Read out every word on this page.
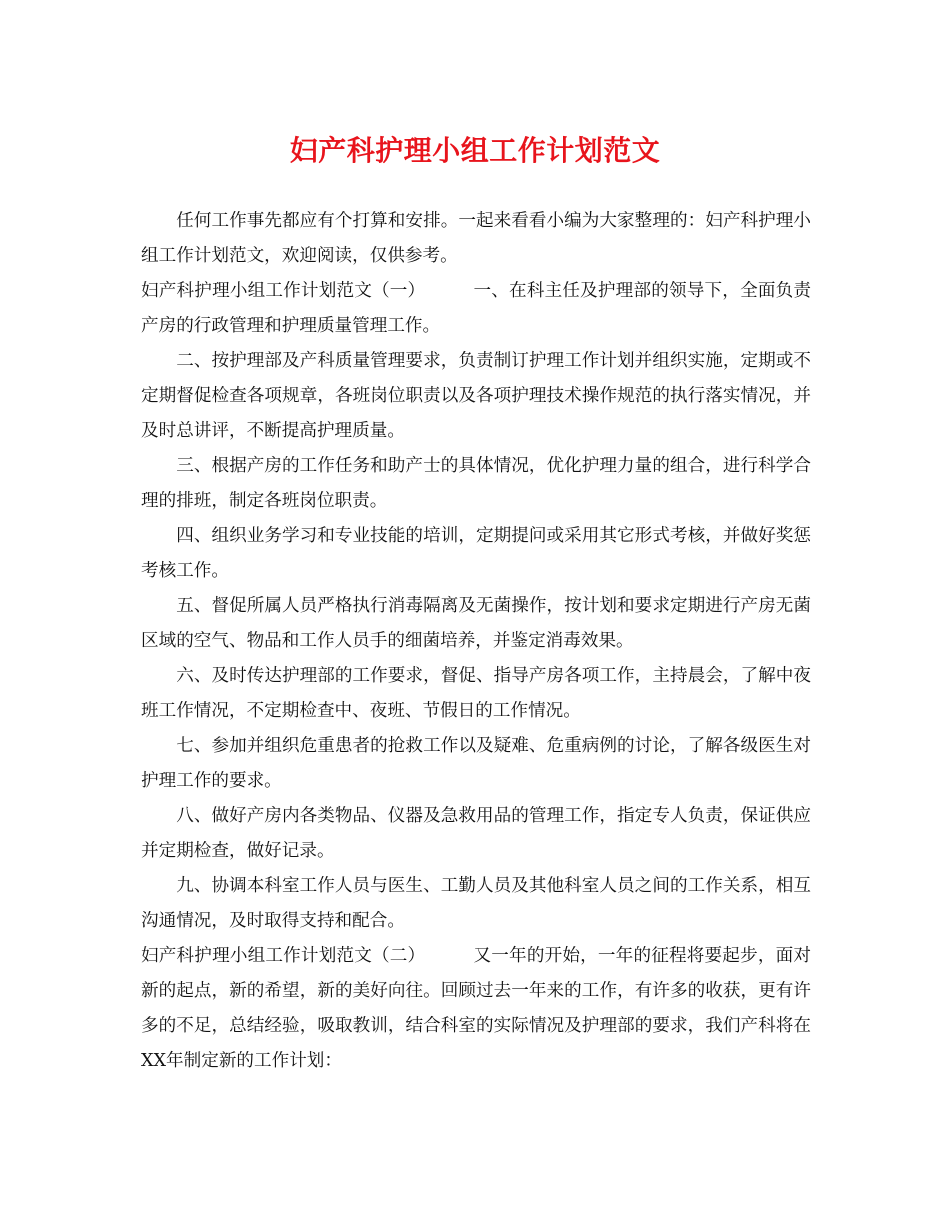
妇产科护理小组工作计划范文

任何工作事先都应有个打算和安排。一起来看看小编为大家整理的：妇产科护理小组工作计划范文，欢迎阅读，仅供参考。

妇产科护理小组工作计划范文（一）	一、在科主任及护理部的领导下，全面负责产房的行政管理和护理质量管理工作。

二、按护理部及产科质量管理要求，负责制订护理工作计划并组织实施，定期或不定期督促检查各项规章，各班岗位职责以及各项护理技术操作规范的执行落实情况，并及时总讲评，不断提高护理质量。

三、根据产房的工作任务和助产士的具体情况，优化护理力量的组合，进行科学合理的排班，制定各班岗位职责。

四、组织业务学习和专业技能的培训，定期提问或采用其它形式考核，并做好奖惩考核工作。

五、督促所属人员严格执行消毒隔离及无菌操作，按计划和要求定期进行产房无菌区域的空气、物品和工作人员手的细菌培养，并鉴定消毒效果。

六、及时传达护理部的工作要求，督促、指导产房各项工作，主持晨会，了解中夜班工作情况，不定期检查中、夜班、节假日的工作情况。

七、参加并组织危重患者的抢救工作以及疑难、危重病例的讨论，了解各级医生对护理工作的要求。

八、做好产房内各类物品、仪器及急救用品的管理工作，指定专人负责，保证供应并定期检查，做好记录。

九、协调本科室工作人员与医生、工勤人员及其他科室人员之间的工作关系，相互沟通情况，及时取得支持和配合。

妇产科护理小组工作计划范文（二）	又一年的开始，一年的征程将要起步，面对新的起点，新的希望，新的美好向往。回顾过去一年来的工作，有许多的收获，更有许多的不足，总结经验，吸取教训，结合科室的实际情况及护理部的要求，我们产科将在XX年制定新的工作计划：
